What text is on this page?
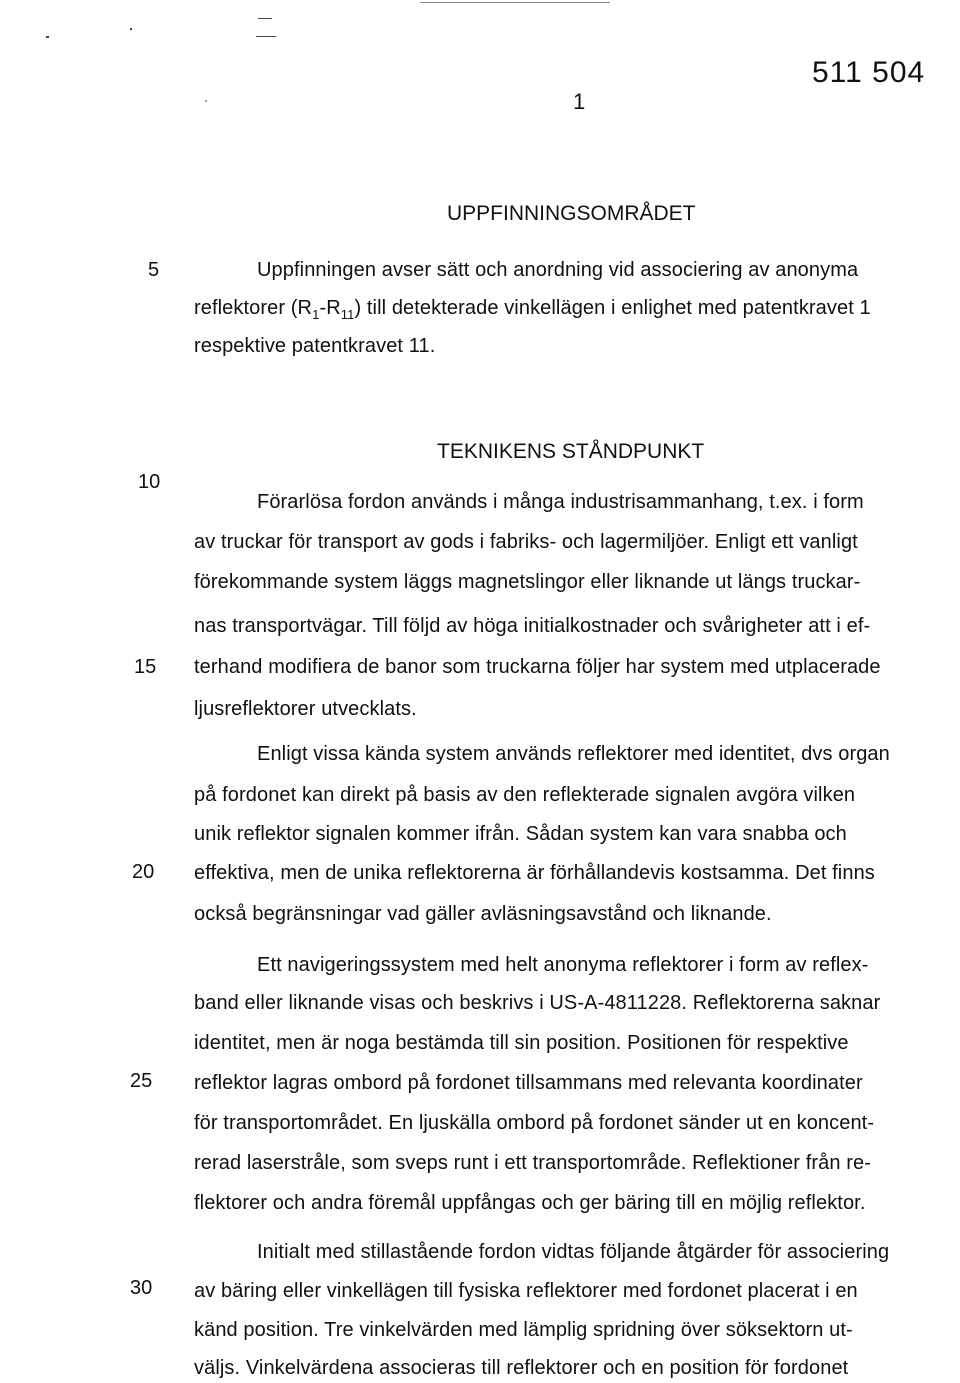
511 504
1
5
10
15
20
25
30
UPPFINNINGSOMRÅDET
Uppfinningen avser sätt och anordning vid associering av anonyma
reflektorer $(R_1-R_{11})$ till detekterade vinkellägen i enlighet med patentkravet 1
respektive patentkravet 11.
TEKNIKENS STÅNDPUNKT
Förarlösa fordon används i många industrisammanhang, t.ex. i form
av truckar för transport av gods i fabriks- och lagermiljöer. Enligt ett vanligt
förekommande system läggs magnetslingor eller liknande ut längs truckar-
nas transportvägar. Till följd av höga initialkostnader och svårigheter att i ef-
terhand modifiera de banor som truckarna följer har system med utplacerade
ljusreflektorer utvecklats.
Enligt vissa kända system används reflektorer med identitet, dvs organ
på fordonet kan direkt på basis av den reflekterade signalen avgöra vilken
unik reflektor signalen kommer ifrån. Sådan system kan vara snabba och
effektiva, men de unika reflektorerna är förhållandevis kostsamma. Det finns
också begränsningar vad gäller avläsningsavstånd och liknande.
Ett navigeringssystem med helt anonyma reflektorer i form av reflex-
band eller liknande visas och beskrivs i US-A-4811228. Reflektorerna saknar
identitet, men är noga bestämda till sin position. Positionen för respektive
reflektor lagras ombord på fordonet tillsammans med relevanta koordinater
för transportområdet. En ljuskälla ombord på fordonet sänder ut en koncent-
rerad laserstråle, som sveps runt i ett transportområde. Reflektioner från re-
flektorer och andra föremål uppfångas och ger bäring till en möjlig reflektor.
Initialt med stillastående fordon vidtas följande åtgärder för associering
av bäring eller vinkellägen till fysiska reflektorer med fordonet placerat i en
känd position. Tre vinkelvärden med lämplig spridning över söksektorn ut-
väljs. Vinkelvärdena associeras till reflektorer och en position för fordonet
